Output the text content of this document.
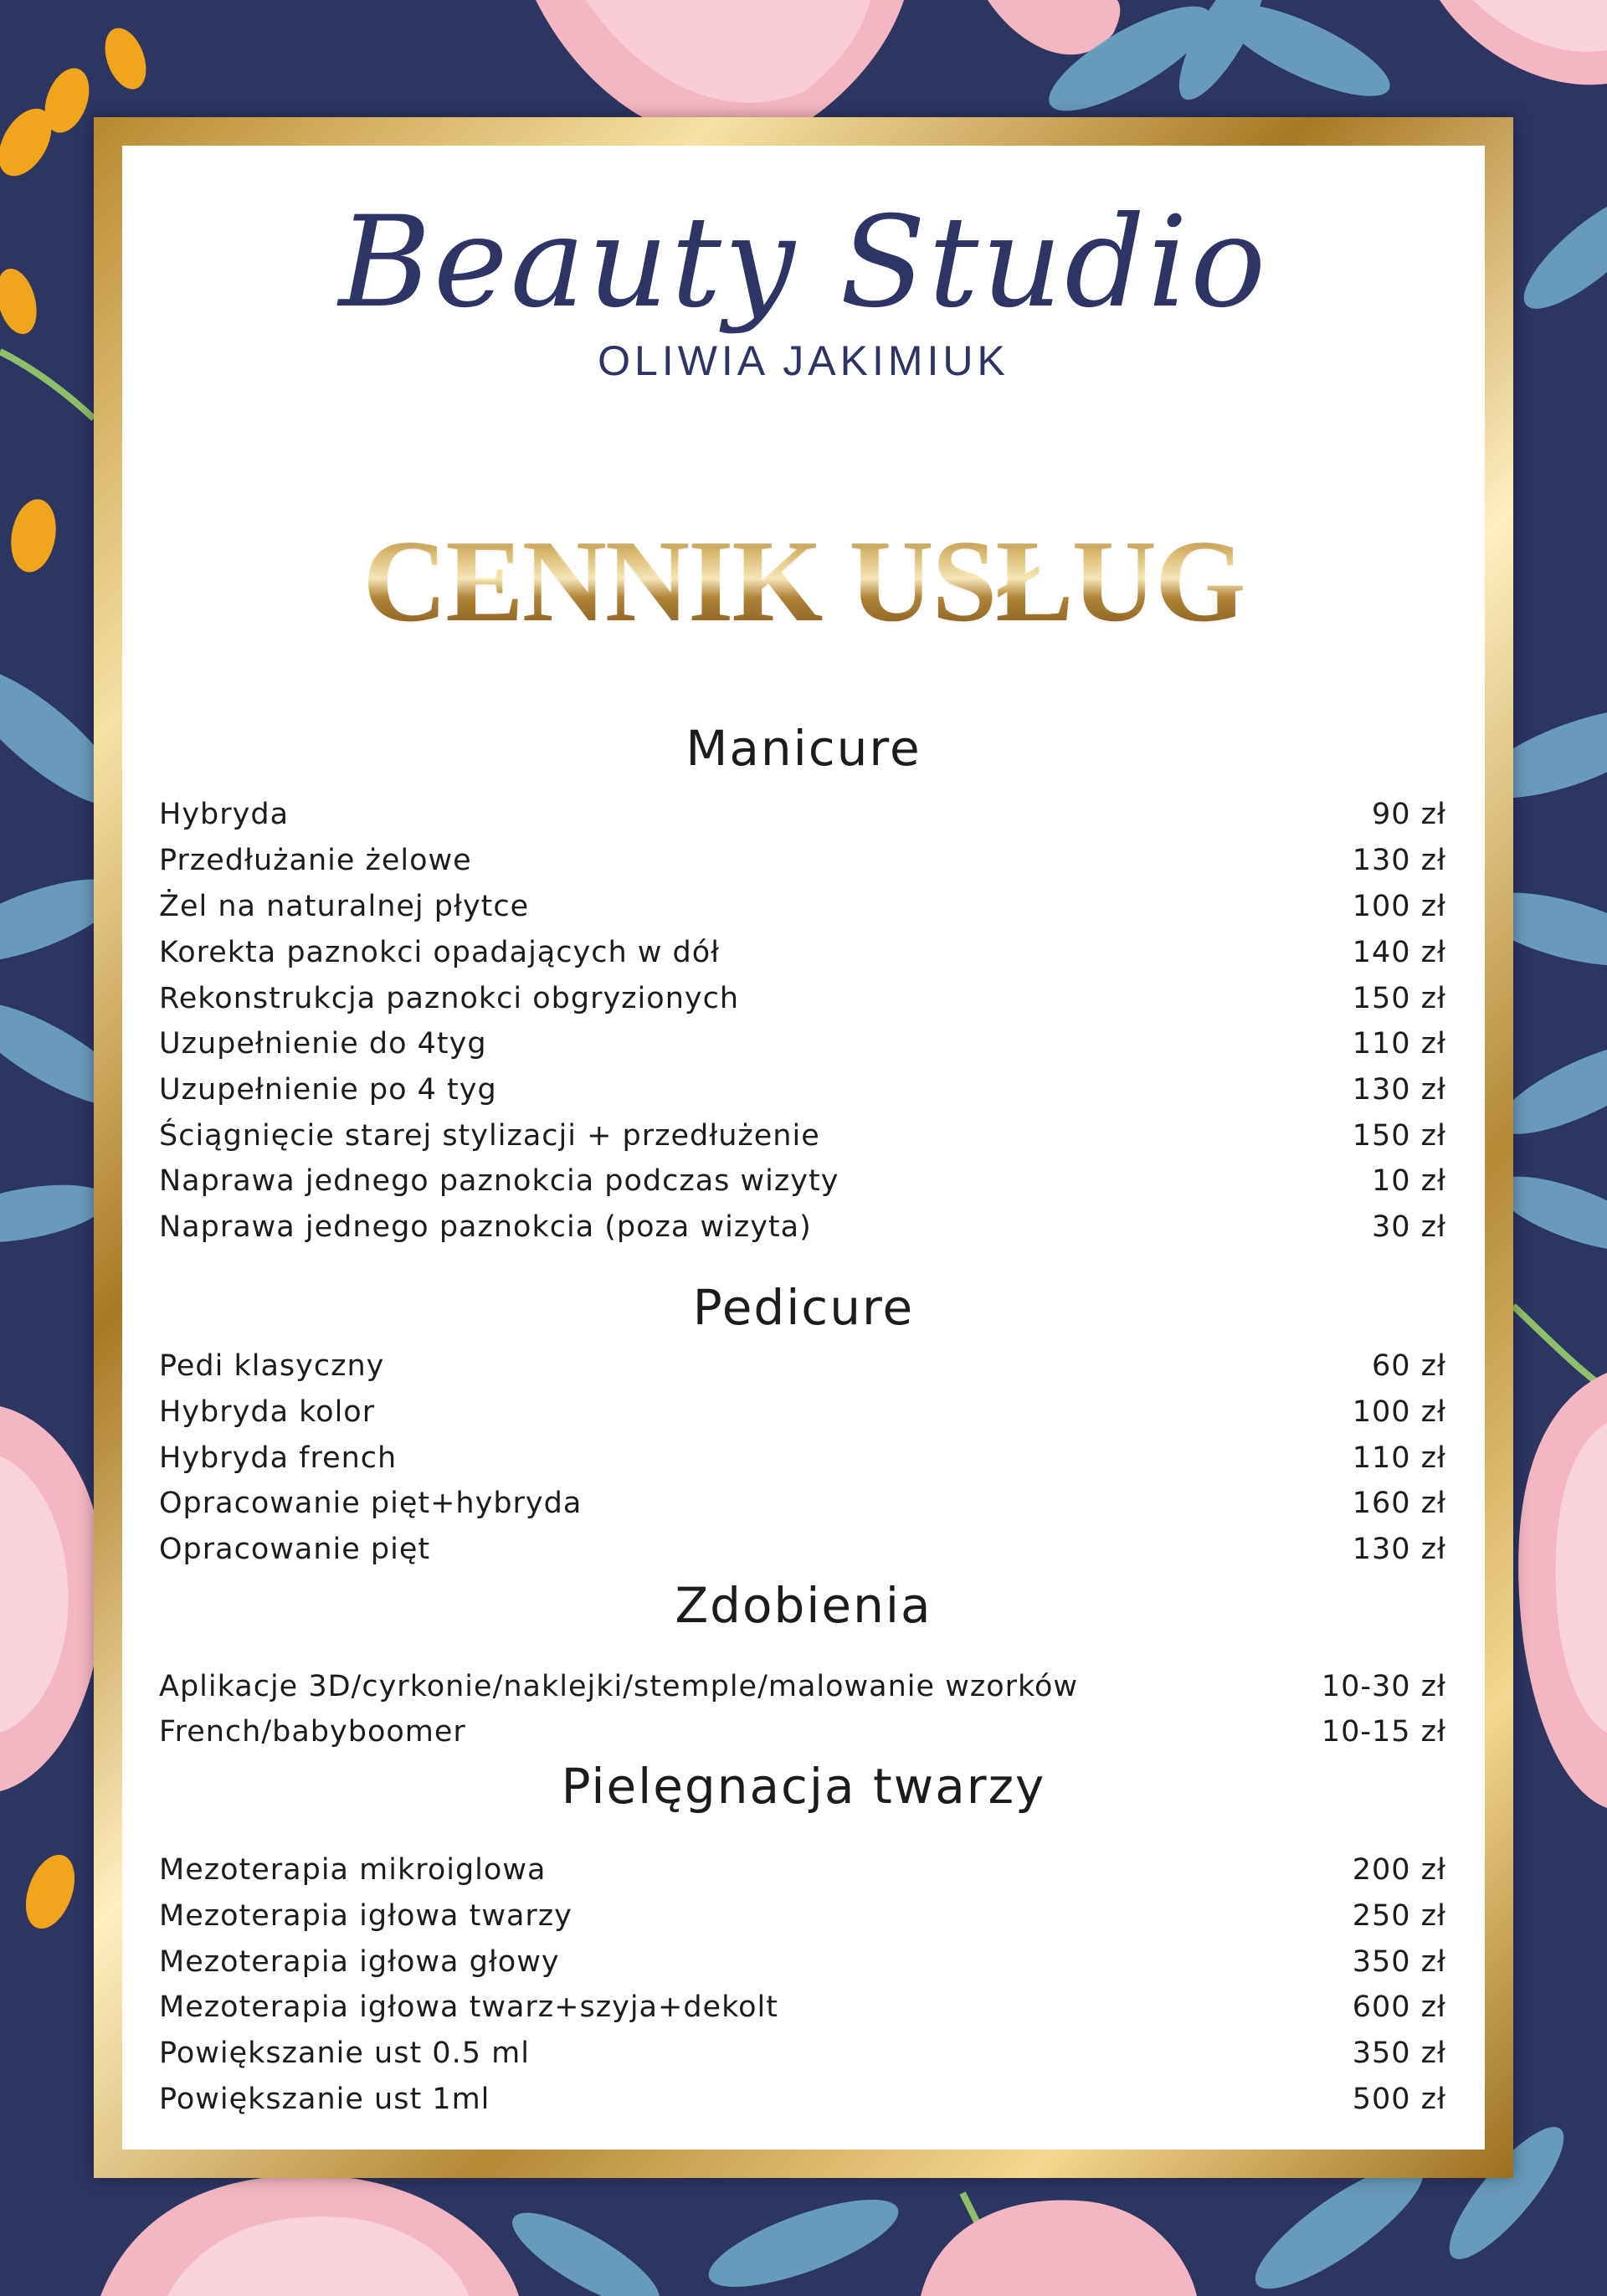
Beauty Studio
OLIWIA JAKIMIUK
CENNIK USŁUG
Manicure
Hybryda	90 zł
Przedłużanie żelowe	130 zł
Żel na naturalnej płytce	100 zł
Korekta paznokci opadających w dół	140 zł
Rekonstrukcja paznokci obgryzionych	150 zł
Uzupełnienie do 4tyg	110 zł
Uzupełnienie po 4 tyg	130 zł
Ściągnięcie starej stylizacji + przedłużenie	150 zł
Naprawa jednego paznokcia podczas wizyty	10 zł
Naprawa jednego paznokcia (poza wizyta)	30 zł
Pedicure
Pedi klasyczny	60 zł
Hybryda kolor	100 zł
Hybryda french	110 zł
Opracowanie pięt+hybryda	160 zł
Opracowanie pięt	130 zł
Zdobienia
Aplikacje 3D/cyrkonie/naklejki/stemple/malowanie wzorków	10-30 zł
French/babyboomer	10-15 zł
Pielęgnacja twarzy
Mezoterapia mikroiglowa	200 zł
Mezoterapia igłowa twarzy	250 zł
Mezoterapia igłowa głowy	350 zł
Mezoterapia igłowa twarz+szyja+dekolt	600 zł
Powiększanie ust 0.5 ml	350 zł
Powiększanie ust 1ml	500 zł
